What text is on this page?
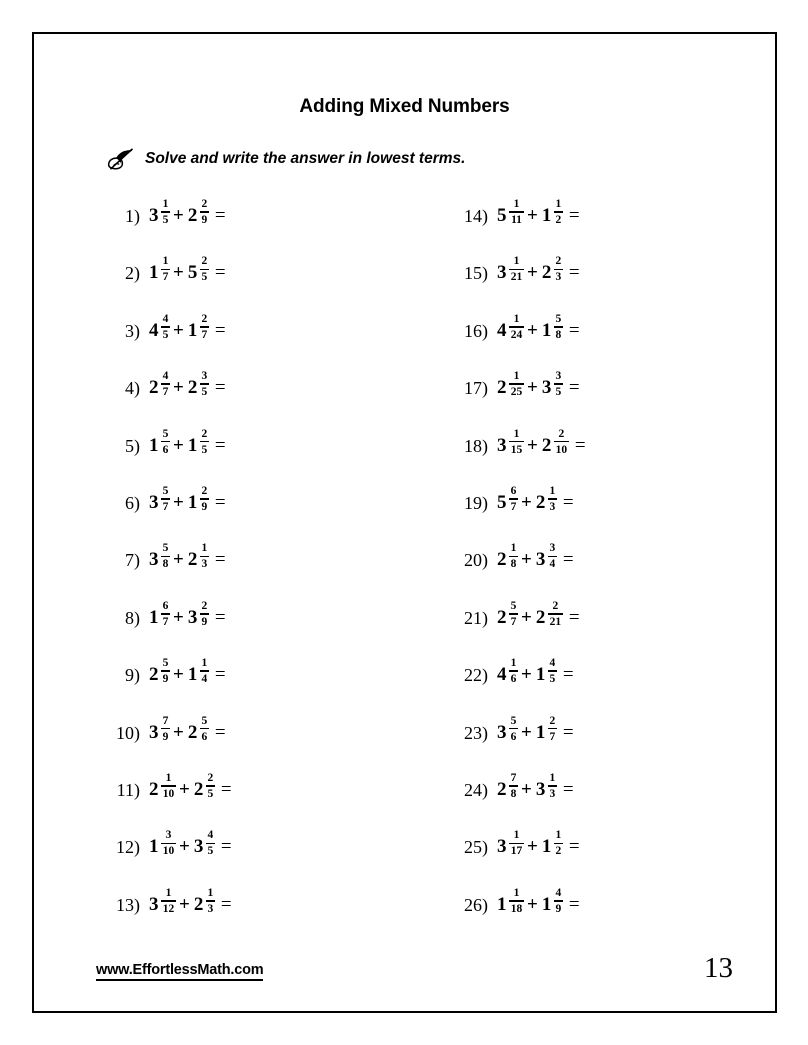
Adding Mixed Numbers
Solve and write the answer in lowest terms.
1) $3 \frac{1}{5} + 2 \frac{2}{9}$ =
2) $1 \frac{1}{7} + 5 \frac{2}{5}$ =
3) $4 \frac{4}{5} + 1 \frac{2}{7}$ =
4) $2 \frac{4}{7} + 2 \frac{3}{5}$ =
5) $1 \frac{5}{6} + 1 \frac{2}{5}$ =
6) $3 \frac{5}{7} + 1 \frac{2}{9}$ =
7) $3 \frac{5}{8} + 2 \frac{1}{3}$ =
8) $1 \frac{6}{7} + 3 \frac{2}{9}$ =
9) $2 \frac{5}{9} + 1 \frac{1}{4}$ =
10) $3 \frac{7}{9} + 2 \frac{5}{6}$ =
11) $2 \frac{1}{10} + 2 \frac{2}{5}$ =
12) $1 \frac{3}{10} + 3 \frac{4}{5}$ =
13) $3 \frac{1}{12} + 2 \frac{1}{3}$ =
14) $5 \frac{1}{11} + 1 \frac{1}{2}$ =
15) $3 \frac{1}{21} + 2 \frac{2}{3}$ =
16) $4 \frac{1}{24} + 1 \frac{5}{8}$ =
17) $2 \frac{1}{25} + 3 \frac{3}{5}$ =
18) $3 \frac{1}{15} + 2 \frac{2}{10}$ =
19) $5 \frac{6}{7} + 2 \frac{1}{3}$ =
20) $2 \frac{1}{8} + 3 \frac{3}{4}$ =
21) $2 \frac{5}{7} + 2 \frac{2}{21}$ =
22) $4 \frac{1}{6} + 1 \frac{4}{5}$ =
23) $3 \frac{5}{6} + 1 \frac{2}{7}$ =
24) $2 \frac{7}{8} + 3 \frac{1}{3}$ =
25) $3 \frac{1}{17} + 1 \frac{1}{2}$ =
26) $1 \frac{1}{18} + 1 \frac{4}{9}$ =
www.EffortlessMath.com	13
